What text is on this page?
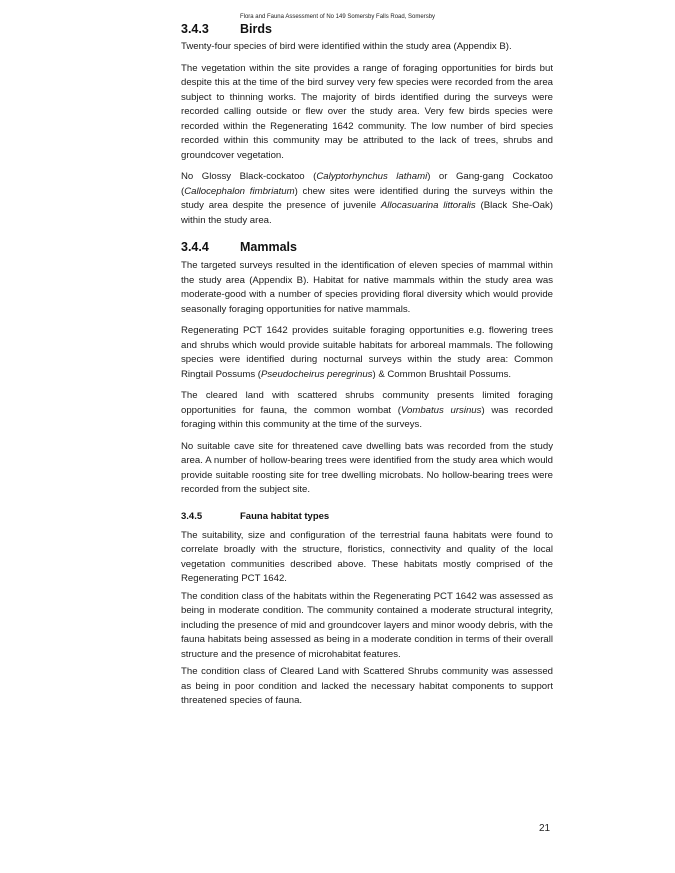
Flora and Fauna Assessment of No 149 Somersby Falls Road, Somersby
3.4.3	Birds

Twenty-four species of bird were identified within the study area (Appendix B).

The vegetation within the site provides a range of foraging opportunities for birds but despite this at the time of the bird survey very few species were recorded from the area subject to thinning works. The majority of birds identified during the surveys were recorded calling outside or flew over the study area. Very few birds species were recorded within the Regenerating 1642 community. The low number of bird species recorded within this community may be attributed to the lack of trees, shrubs and groundcover vegetation.

No Glossy Black-cockatoo (Calyptorhynchus lathami) or Gang-gang Cockatoo (Callocephalon fimbriatum) chew sites were identified during the surveys within the study area despite the presence of juvenile Allocasuarina littoralis (Black She-Oak) within the study area.

3.4.4	Mammals

The targeted surveys resulted in the identification of eleven species of mammal within the study area (Appendix B). Habitat for native mammals within the study area was moderate-good with a number of species providing floral diversity which would provide seasonally foraging opportunities for native mammals.

Regenerating PCT 1642 provides suitable foraging opportunities e.g. flowering trees and shrubs which would provide suitable habitats for arboreal mammals. The following species were identified during nocturnal surveys within the study area: Common Ringtail Possums (Pseudocheirus peregrinus) & Common Brushtail Possums.

The cleared land with scattered shrubs community presents limited foraging opportunities for fauna, the common wombat (Vombatus ursinus) was recorded foraging within this community at the time of the surveys.

No suitable cave site for threatened cave dwelling bats was recorded from the study area. A number of hollow-bearing trees were identified from the study area which would provide suitable roosting site for tree dwelling microbats. No hollow-bearing trees were recorded from the subject site.

3.4.5	Fauna habitat types

The suitability, size and configuration of the terrestrial fauna habitats were found to correlate broadly with the structure, floristics, connectivity and quality of the local vegetation communities described above. These habitats mostly comprised of the Regenerating PCT 1642.

The condition class of the habitats within the Regenerating PCT 1642 was assessed as being in moderate condition. The community contained a moderate structural integrity, including the presence of mid and groundcover layers and minor woody debris, with the fauna habitats being assessed as being in a moderate condition in terms of their overall structure and the presence of microhabitat features.

The condition class of Cleared Land with Scattered Shrubs community was assessed as being in poor condition and lacked the necessary habitat components to support threatened species of fauna.

21
